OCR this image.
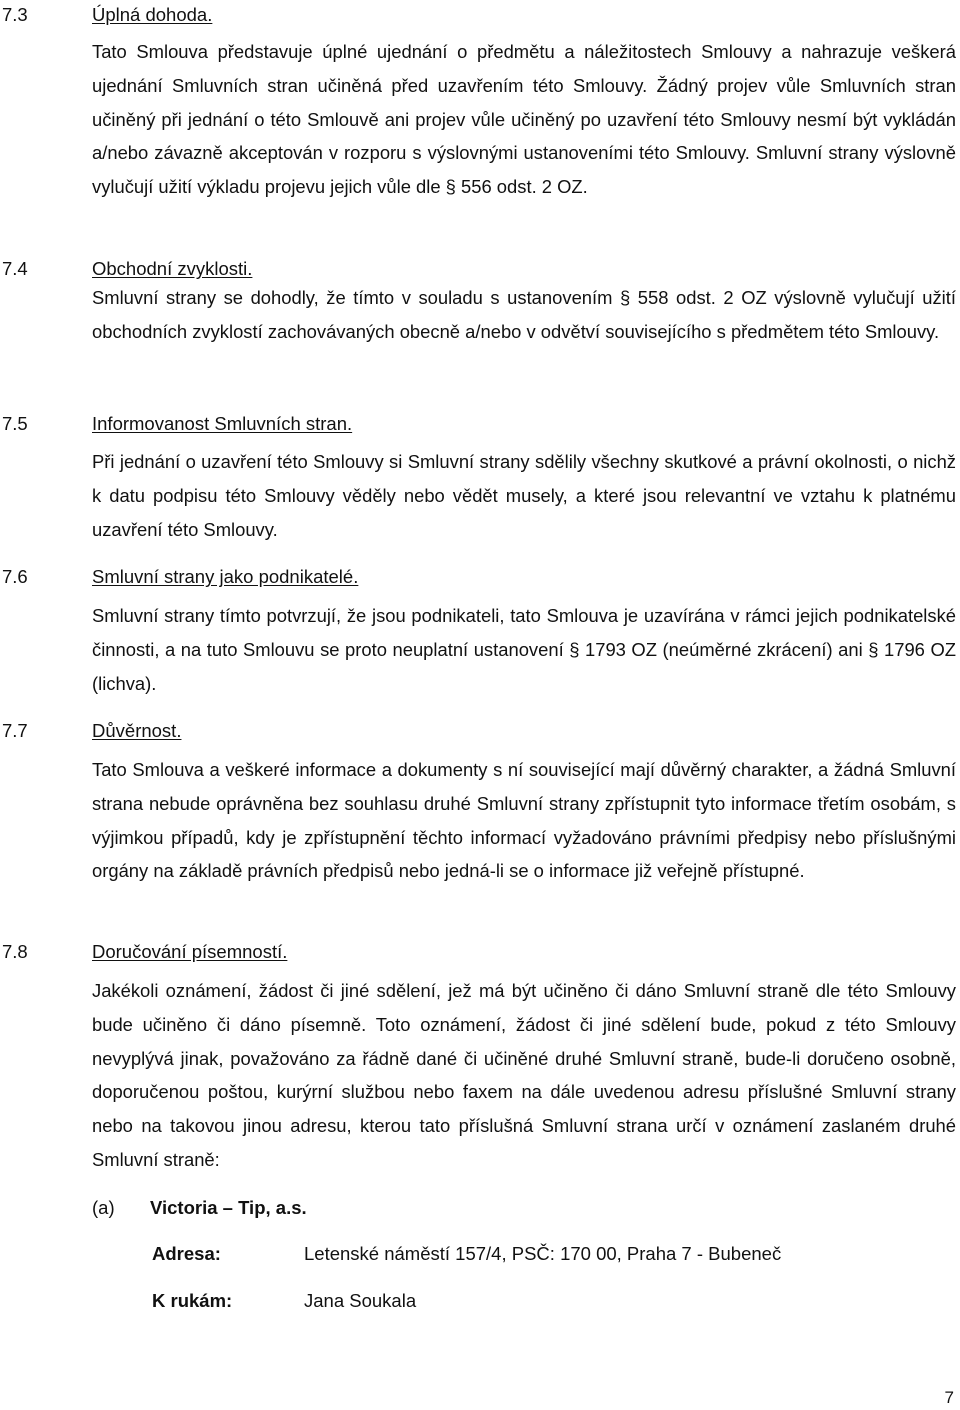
7.3	Úplná dohoda.

Tato Smlouva představuje úplné ujednání o předmětu a náležitostech Smlouvy a nahrazuje veškerá ujednání Smluvních stran učiněná před uzavřením této Smlouvy. Žádný projev vůle Smluvních stran učiněný při jednání o této Smlouvě ani projev vůle učiněný po uzavření této Smlouvy nesmí být vykládán a/nebo závazně akceptován v rozporu s výslovnými ustanoveními této Smlouvy. Smluvní strany výslovně vylučují užití výkladu projevu jejich vůle dle § 556 odst. 2 OZ.

7.4	Obchodní zvyklosti.

Smluvní strany se dohodly, že tímto v souladu s ustanovením § 558 odst. 2 OZ výslovně vylučují užití obchodních zvyklostí zachovávaných obecně a/nebo v odvětví souvisejícího s předmětem této Smlouvy.

7.5	Informovanost Smluvních stran.

Při jednání o uzavření této Smlouvy si Smluvní strany sdělily všechny skutkové a právní okolnosti, o nichž k datu podpisu této Smlouvy věděly nebo vědět musely, a které jsou relevantní ve vztahu k platnému uzavření této Smlouvy.

7.6	Smluvní strany jako podnikatelé.

Smluvní strany tímto potvrzují, že jsou podnikateli, tato Smlouva je uzavírána v rámci jejich podnikatelské činnosti, a na tuto Smlouvu se proto neuplatní ustanovení § 1793 OZ (neúměrné zkrácení) ani § 1796 OZ (lichva).

7.7	Důvěrnost.

Tato Smlouva a veškeré informace a dokumenty s ní související mají důvěrný charakter, a žádná Smluvní strana nebude oprávněna bez souhlasu druhé Smluvní strany zpřístupnit tyto informace třetím osobám, s výjimkou případů, kdy je zpřístupnění těchto informací vyžadováno právními předpisy nebo příslušnými orgány na základě právních předpisů nebo jedná-li se o informace již veřejně přístupné.

7.8	Doručování písemností.

Jakékoli oznámení, žádost či jiné sdělení, jež má být učiněno či dáno Smluvní straně dle této Smlouvy bude učiněno či dáno písemně. Toto oznámení, žádost či jiné sdělení bude, pokud z této Smlouvy nevyplývá jinak, považováno za řádně dané či učiněné druhé Smluvní straně, bude-li doručeno osobně, doporučenou poštou, kurýrní službou nebo faxem na dále uvedenou adresu příslušné Smluvní strany nebo na takovou jinou adresu, kterou tato příslušná Smluvní strana určí v oznámení zaslaném druhé Smluvní straně:

(a) Victoria – Tip, a.s.
Adresa:	Letenské náměstí 157/4, PSČ: 170 00, Praha 7 - Bubeneč
K rukám:	Jana Soukala
7
